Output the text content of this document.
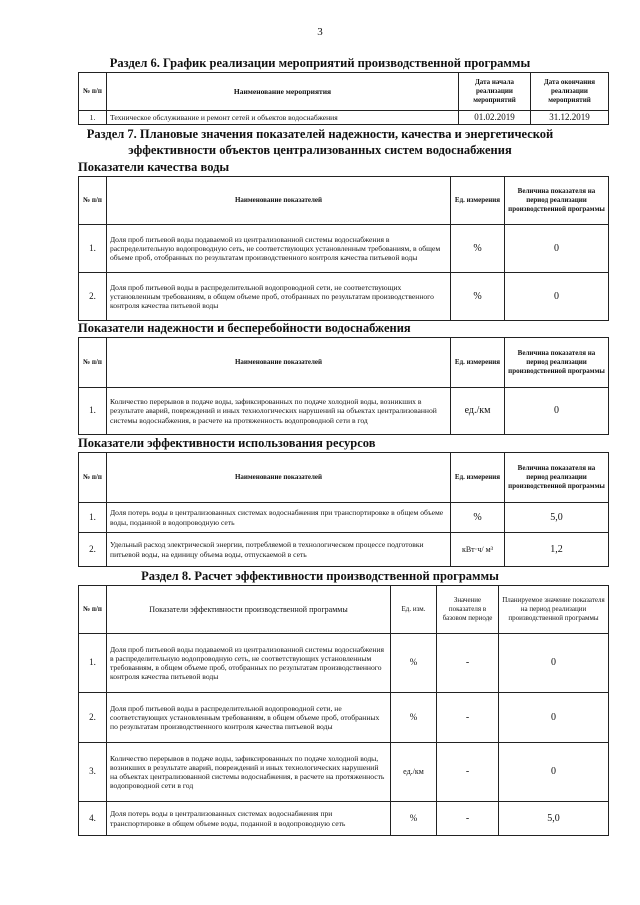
3
Раздел 6. График реализации мероприятий производственной программы
№ п/п	Наименование мероприятия	Дата начала реализации мероприятий	Дата окончания реализации мероприятий
1.	Техническое обслуживание и ремонт сетей и объектов водоснабжения	01.02.2019	31.12.2019
Раздел 7. Плановые значения показателей надежности, качества и энергетической
эффективности объектов централизованных систем водоснабжения
Показатели качества воды
№ п/п	Наименование показателей	Ед. измерения	Величина показателя на период реализации производственной программы
1.	Доля проб питьевой воды подаваемой из централизованной системы водоснабжения в распределительную водопроводную сеть, не соответствующих установленным требованиям, в общем объеме проб, отобранных по результатам производственного контроля качества питьевой воды	%	0
2.	Доля проб питьевой воды в распределительной водопроводной сети, не соответствующих установленным требованиям, в общем объеме проб, отобранных по результатам производственного контроля качества питьевой воды	%	0
Показатели надежности и бесперебойности водоснабжения
№ п/п	Наименование показателей	Ед. измерения	Величина показателя на период реализации производственной программы
1.	Количество перерывов в подаче воды, зафиксированных по подаче холодной воды, возникших в результате аварий, повреждений и иных технологических нарушений на объектах централизованной системы водоснабжения, в расчете на протяженность водопроводной сети в год	ед./км	0
Показатели эффективности использования ресурсов
№ п/п	Наименование показателей	Ед. измерения	Величина показателя на период реализации производственной программы
1.	Доля потерь воды в централизованных системах водоснабжения при транспортировке в общем объеме воды, поданной в водопроводную сеть	%	5,0
2.	Удельный расход электрической энергии, потребляемой в технологическом процессе подготовки питьевой воды, на единицу объема воды, отпускаемой в сеть	кВт·ч/ м³	1,2
Раздел 8. Расчет эффективности производственной программы
№ п/п	Показатели эффективности производственной программы	Ед. изм.	Значение показателя в базовом периоде	Планируемое значение показателя на период реализации производственной программы
1.	Доля проб питьевой воды подаваемой из централизованной системы водоснабжения в распределительную водопроводную сеть, не соответствующих установленным требованиям, в общем объеме проб, отобранных по результатам производственного контроля качества питьевой воды	%	-	0
2.	Доля проб питьевой воды в распределительной водопроводной сети, не соответствующих установленным требованиям, в общем объеме проб, отобранных по результатам производственного контроля качества питьевой воды	%	-	0
3.	Количество перерывов в подаче воды, зафиксированных по подаче холодной воды, возникших в результате аварий, повреждений и иных технологических нарушений на объектах централизованной системы водоснабжения, в расчете на протяженность водопроводной сети в год	ед./км	-	0
4.	Доля потерь воды в централизованных системах водоснабжения при транспортировке в общем объеме воды, поданной в водопроводную сеть	%	-	5,0
